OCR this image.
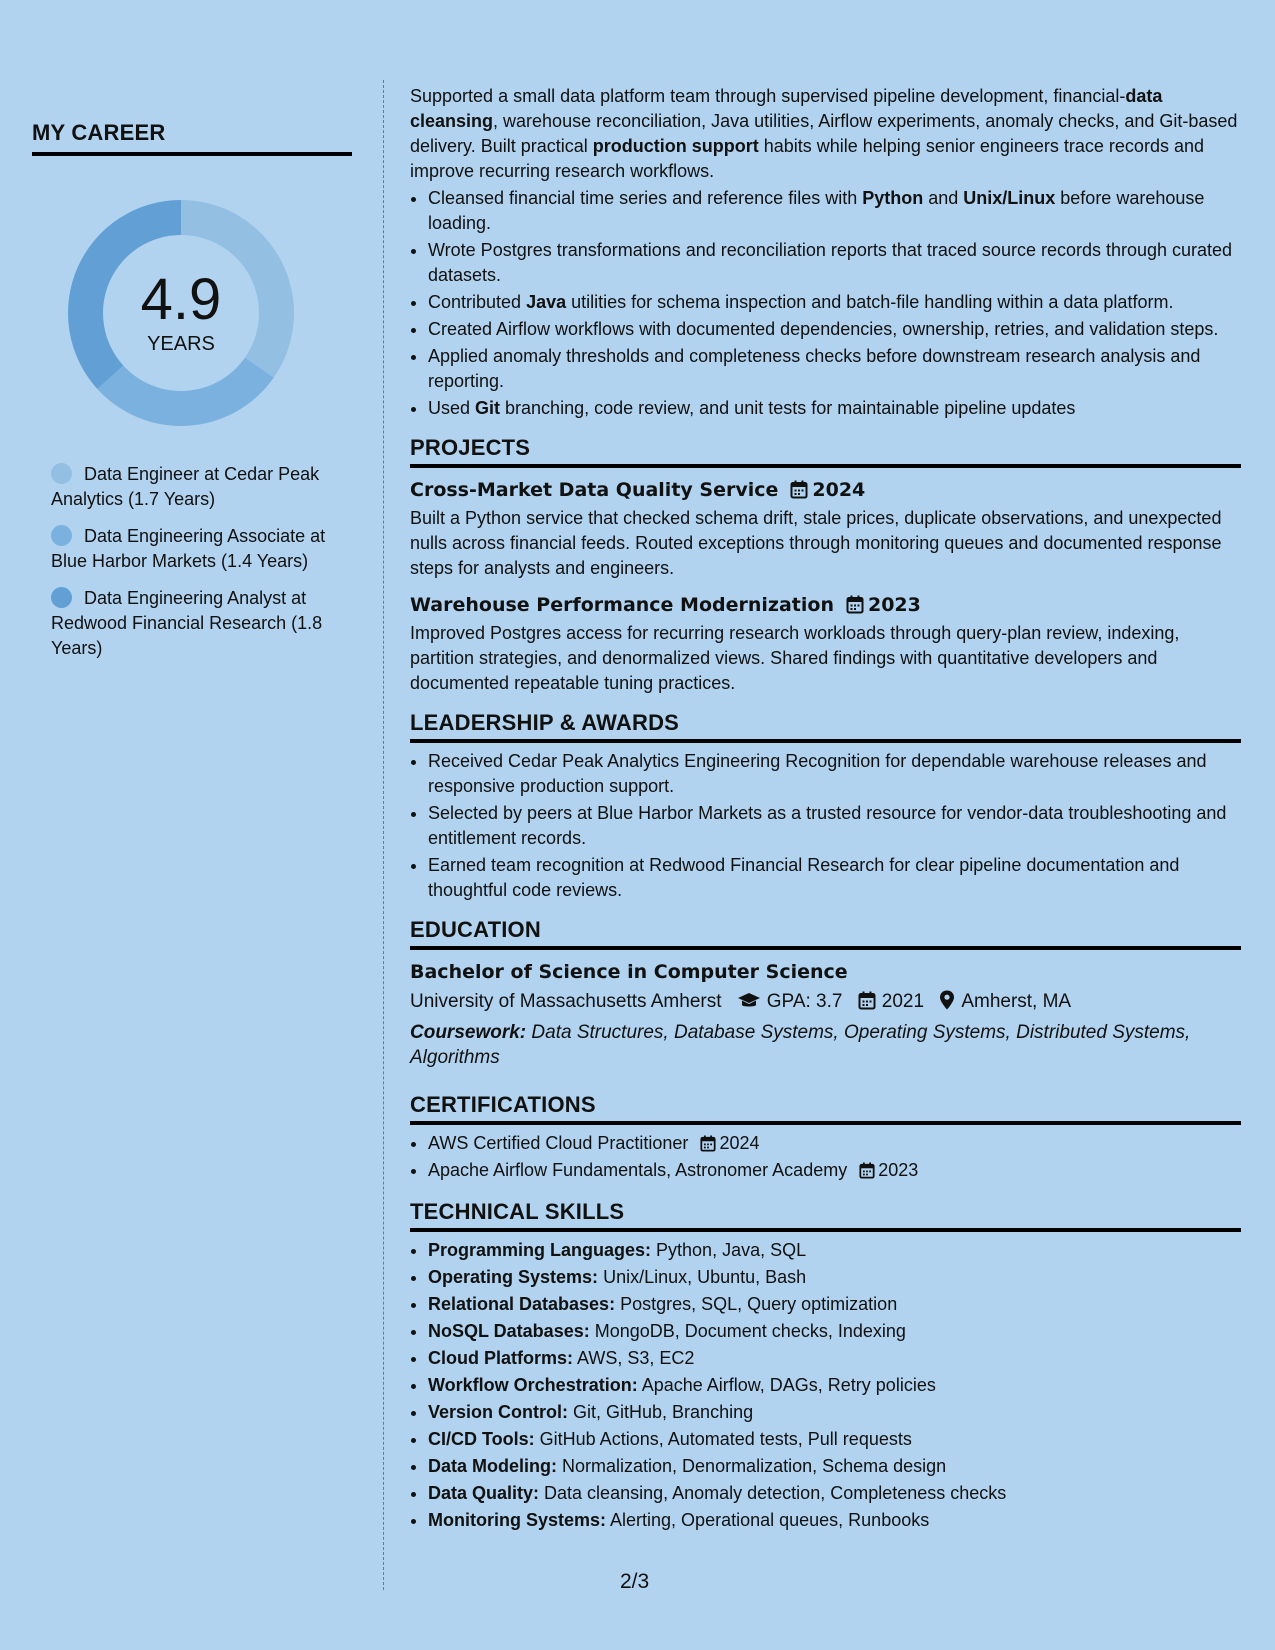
MY CAREER
4.9
YEARS
Data Engineer at Cedar Peak Analytics (1.7 Years)
Data Engineering Associate at Blue Harbor Markets (1.4 Years)
Data Engineering Analyst at Redwood Financial Research (1.8 Years)

Supported a small data platform team through supervised pipeline development, financial-data cleansing, warehouse reconciliation, Java utilities, Airflow experiments, anomaly checks, and Git-based delivery. Built practical production support habits while helping senior engineers trace records and improve recurring research workflows.

• Cleansed financial time series and reference files with Python and Unix/Linux before warehouse loading.
• Wrote Postgres transformations and reconciliation reports that traced source records through curated datasets.
• Contributed Java utilities for schema inspection and batch-file handling within a data platform.
• Created Airflow workflows with documented dependencies, ownership, retries, and validation steps.
• Applied anomaly thresholds and completeness checks before downstream research analysis and reporting.
• Used Git branching, code review, and unit tests for maintainable pipeline updates
PROJECTS
Cross-Market Data Quality Service 2024

Built a Python service that checked schema drift, stale prices, duplicate observations, and unexpected nulls across financial feeds. Routed exceptions through monitoring queues and documented response steps for analysts and engineers.

Warehouse Performance Modernization 2023

Improved Postgres access for recurring research workloads through query-plan review, indexing, partition strategies, and denormalized views. Shared findings with quantitative developers and documented repeatable tuning practices.

LEADERSHIP & AWARDS
• Received Cedar Peak Analytics Engineering Recognition for dependable warehouse releases and responsive production support.
• Selected by peers at Blue Harbor Markets as a trusted resource for vendor-data troubleshooting and entitlement records.
• Earned team recognition at Redwood Financial Research for clear pipeline documentation and thoughtful code reviews.
EDUCATION
Bachelor of Science in Computer Science
University of Massachusetts Amherst GPA: 3.7 2021 Amherst, MA
Coursework: Data Structures, Database Systems, Operating Systems, Distributed Systems, Algorithms
CERTIFICATIONS
• AWS Certified Cloud Practitioner 2024
• Apache Airflow Fundamentals, Astronomer Academy 2023
TECHNICAL SKILLS
• Programming Languages: Python, Java, SQL
• Operating Systems: Unix/Linux, Ubuntu, Bash
• Relational Databases: Postgres, SQL, Query optimization
• NoSQL Databases: MongoDB, Document checks, Indexing
• Cloud Platforms: AWS, S3, EC2
• Workflow Orchestration: Apache Airflow, DAGs, Retry policies
• Version Control: Git, GitHub, Branching
• CI/CD Tools: GitHub Actions, Automated tests, Pull requests
• Data Modeling: Normalization, Denormalization, Schema design
• Data Quality: Data cleansing, Anomaly detection, Completeness checks
• Monitoring Systems: Alerting, Operational queues, Runbooks
2/3
